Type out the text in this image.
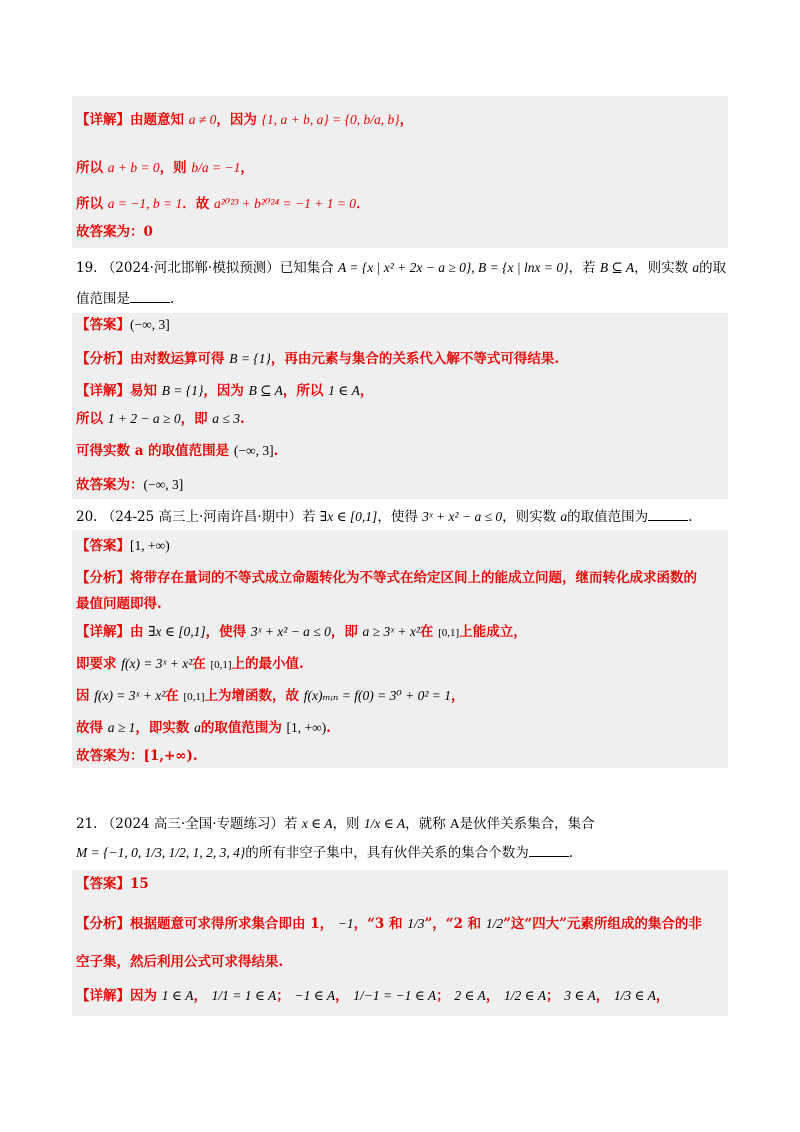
【详解】由题意知 a ≠ 0，因为 {1, a + b, a} = {0, b/a, b}，
所以 a + b = 0，则 b/a = −1，
所以 a = −1, b = 1．故 a²⁰²³ + b²⁰²⁴ = −1 + 1 = 0．
故答案为：0
19. （2024·河北邯郸·模拟预测）已知集合 A = {x | x² + 2x − a ≥ 0}, B = {x | lnx = 0}，若 B ⊆ A，则实数 a的取
值范围是	.
【答案】(−∞, 3]
【分析】由对数运算可得 B = {1}，再由元素与集合的关系代入解不等式可得结果.
【详解】易知 B = {1}，因为 B ⊆ A，所以 1 ∈ A，
所以 1 + 2 − a ≥ 0，即 a ≤ 3.
可得实数 a 的取值范围是 (−∞, 3].
故答案为：(−∞, 3]
20. （24-25 高三上·河南许昌·期中）若 ∃x ∈ [0,1]，使得 3ˣ + x² − a ≤ 0，则实数 a的取值范围为	.
【答案】[1, +∞)
【分析】将带存在量词的不等式成立命题转化为不等式在给定区间上的能成立问题，继而转化成求函数的
最值问题即得.
【详解】由 ∃x ∈ [0,1]，使得 3ˣ + x² − a ≤ 0，即 a ≥ 3ˣ + x²在 [0,1]上能成立，
即要求 f(x) = 3ˣ + x²在 [0,1]上的最小值.
因 f(x) = 3ˣ + x²在 [0,1]上为增函数，故 f(x)ₘᵢₙ = f(0) = 3⁰ + 0² = 1，
故得 a ≥ 1，即实数 a的取值范围为 [1, +∞).
故答案为：[1,+∞).
21. （2024 高三·全国·专题练习）若 x ∈ A，则 1/x ∈ A，就称 A是伙伴关系集合，集合
M = {−1, 0, 1/3, 1/2, 1, 2, 3, 4}的所有非空子集中，具有伙伴关系的集合个数为	.
【答案】15
【分析】根据题意可求得所求集合即由 1， −1，“3 和 1/3”，“2 和 1/2”这“四大”元素所组成的集合的非
空子集，然后利用公式可求得结果.
【详解】因为 1 ∈ A， 1/1 = 1 ∈ A； −1 ∈ A， 1/−1 = −1 ∈ A； 2 ∈ A， 1/2 ∈ A； 3 ∈ A， 1/3 ∈ A，
